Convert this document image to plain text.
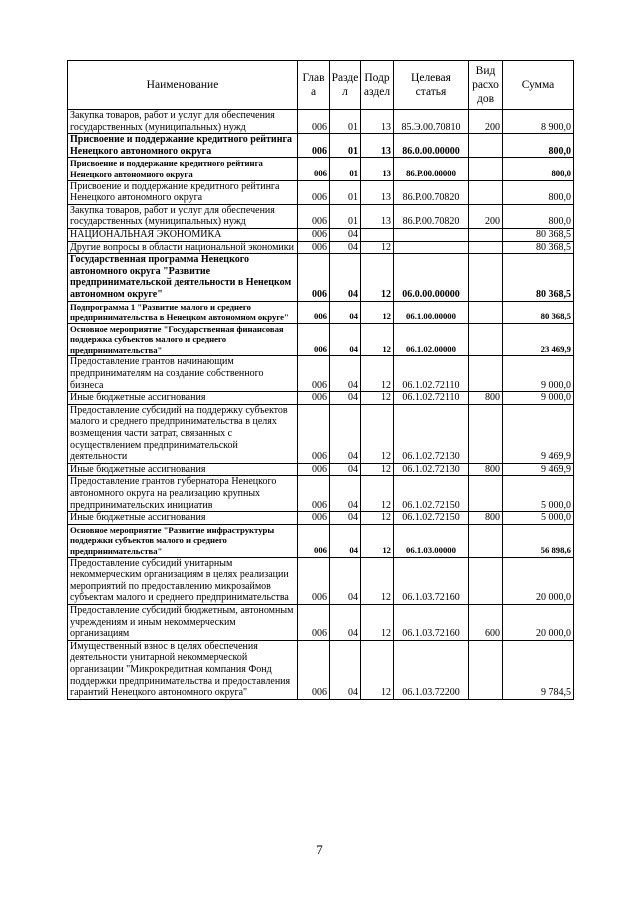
Наименование	Глав а	Разде л	Подр аздел	Целевая статья	Вид расхо дов	Сумма
Закупка товаров, работ и услуг для обеспечения государственных (муниципальных) нужд	006	01	13	85.Э.00.70810	200	8 900,0
Присвоение и поддержание кредитного рейтинга Ненецкого автономного округа	006	01	13	86.0.00.00000		800,0
Присвоение и поддержание кредитного рейтинга Ненецкого автономного округа	006	01	13	86.Р.00.00000		800,0
Присвоение и поддержание кредитного рейтинга Ненецкого автономного округа	006	01	13	86.Р.00.70820		800,0
Закупка товаров, работ и услуг для обеспечения государственных (муниципальных) нужд	006	01	13	86.Р.00.70820	200	800,0
НАЦИОНАЛЬНАЯ ЭКОНОМИКА	006	04				80 368,5
Другие вопросы в области национальной экономики	006	04	12			80 368,5
Государственная программа Ненецкого автономного округа "Развитие предпринимательской деятельности в Ненецком автономном округе"	006	04	12	06.0.00.00000		80 368,5
Подпрограмма 1 "Развитие малого и среднего предпринимательства в Ненецком автономном округе"	006	04	12	06.1.00.00000		80 368,5
Основное мероприятие "Государственная финансовая поддержка субъектов малого и среднего предпринимательства"	006	04	12	06.1.02.00000		23 469,9
Предоставление грантов начинающим предпринимателям на создание собственного бизнеса	006	04	12	06.1.02.72110		9 000,0
Иные бюджетные ассигнования	006	04	12	06.1.02.72110	800	9 000,0
Предоставление субсидий на поддержку субъектов малого и среднего предпринимательства в целях возмещения части затрат, связанных с осуществлением предпринимательской деятельности	006	04	12	06.1.02.72130		9 469,9
Иные бюджетные ассигнования	006	04	12	06.1.02.72130	800	9 469,9
Предоставление грантов губернатора Ненецкого автономного округа на реализацию крупных предпринимательских инициатив	006	04	12	06.1.02.72150		5 000,0
Иные бюджетные ассигнования	006	04	12	06.1.02.72150	800	5 000,0
Основное мероприятие "Развитие инфраструктуры поддержки субъектов малого и среднего предпринимательства"	006	04	12	06.1.03.00000		56 898,6
Предоставление субсидий унитарным некоммерческим организациям в целях реализации мероприятий по предоставлению микрозаймов субъектам малого и среднего предпринимательства	006	04	12	06.1.03.72160		20 000,0
Предоставление субсидий бюджетным, автономным учреждениям и иным некоммерческим организациям	006	04	12	06.1.03.72160	600	20 000,0
Имущественный взнос в целях обеспечения деятельности унитарной некоммерческой организации "Микрокредитная компания Фонд поддержки предпринимательства и предоставления гарантий Ненецкого автономного округа"	006	04	12	06.1.03.72200		9 784,5
7
